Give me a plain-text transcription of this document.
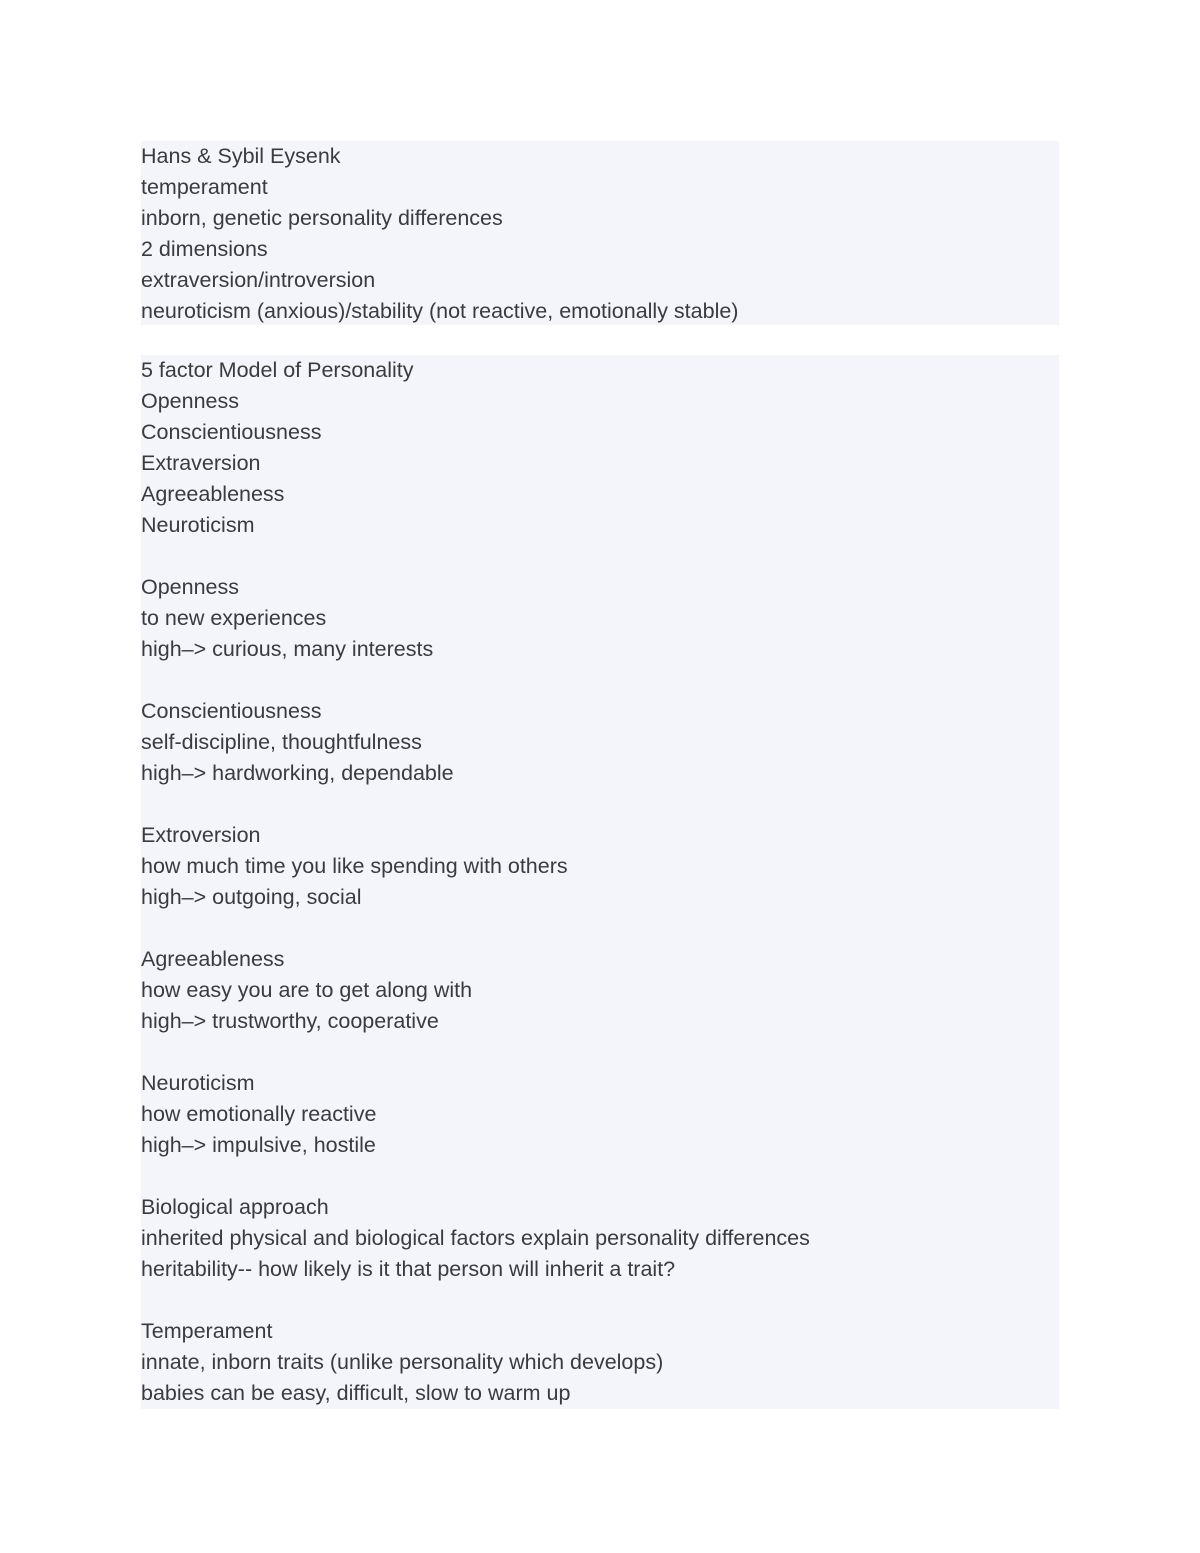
Hans & Sybil Eysenk
temperament
inborn, genetic personality differences
2 dimensions
extraversion/introversion
neuroticism (anxious)/stability (not reactive, emotionally stable)
5 factor Model of Personality
Openness
Conscientiousness
Extraversion
Agreeableness
Neuroticism
Openness
to new experiences
high–> curious, many interests
Conscientiousness
self-discipline, thoughtfulness
high–> hardworking, dependable
Extroversion
how much time you like spending with others
high–> outgoing, social
Agreeableness
how easy you are to get along with
high–> trustworthy, cooperative
Neuroticism
how emotionally reactive
high–> impulsive, hostile
Biological approach
inherited physical and biological factors explain personality differences
heritability-- how likely is it that person will inherit a trait?
Temperament
innate, inborn traits (unlike personality which develops)
babies can be easy, difficult, slow to warm up
